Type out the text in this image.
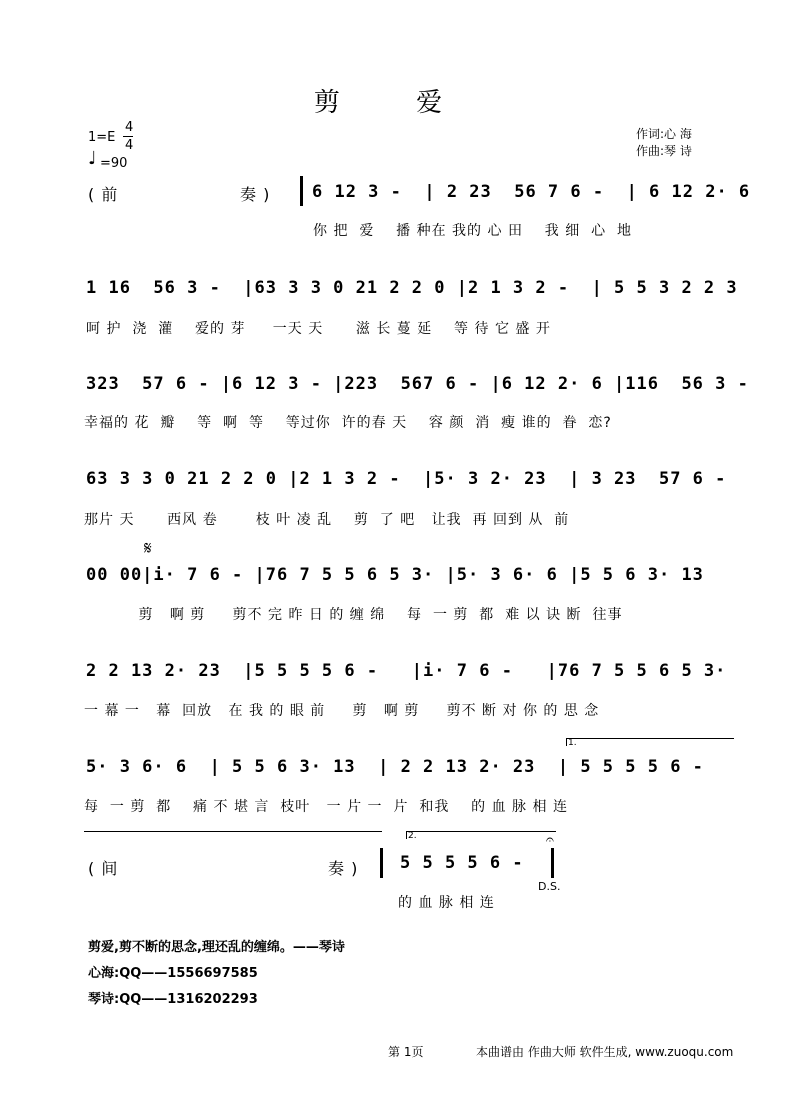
剪 爱
1=E
4
4
♩ =90
作词:心 海
作曲:琴 诗
( 前	奏 ) 6 12 3 -  | 2 23  56 7 6 -  | 6 12 2· 6
你 把  爱    播 种在 我的 心 田    我 细  心  地
1 16  56 3 -  |63 3 3 0 21 2 2 0 |2 1 3 2 -  | 5 5 3 2 2 3
呵 护  浇  灌    爱的 芽     一天 天      滋 长 蔓 延    等 待 它 盛 开
323  57 6 - |6 12 3 - |223  567 6 - |6 12 2· 6 |116  56 3 -
幸福的 花  瓣    等  啊  等    等过你  许的春 天    容 颜  消  瘦 谁的  眷  恋?
63 3 3 0 21 2 2 0 |2 1 3 2 -  |5· 3 2· 23  | 3 23  57 6 -
那片 天      西风 卷       枝 叶 凌 乱    剪  了 吧   让我  再 回到 从  前
𝄋
00 00|i· 7 6 - |76 7 5 5 6 5 3· |5· 3 6· 6 |5 5 6 3· 13
剪   啊 剪     剪不 完 昨 日 的 缠 绵    每  一 剪  都  难 以 诀 断  往事
2 2 13 2· 23  |5 5 5 5 6 -   |i· 7 6 -   |76 7 5 5 6 5 3·
一 幕 一   幕  回放   在 我 的 眼 前     剪   啊 剪     剪不 断 对 你 的 思 念
1.
5· 3 6· 6  | 5 5 6 3· 13  | 2 2 13 2· 23  | 5 5 5 5 6 -
每  一 剪  都    痛 不 堪 言  枝叶   一 片 一  片  和我    的 血 脉 相 连
( 间	奏 )
2.
5 5 5 5 6 -
𝄐
D.S.
的 血 脉 相 连
剪爱,剪不断的思念,理还乱的缠绵。——琴诗
心海:QQ——1556697585
琴诗:QQ——1316202293
第 1页	本曲谱由 作曲大师 软件生成, www.zuoqu.com
